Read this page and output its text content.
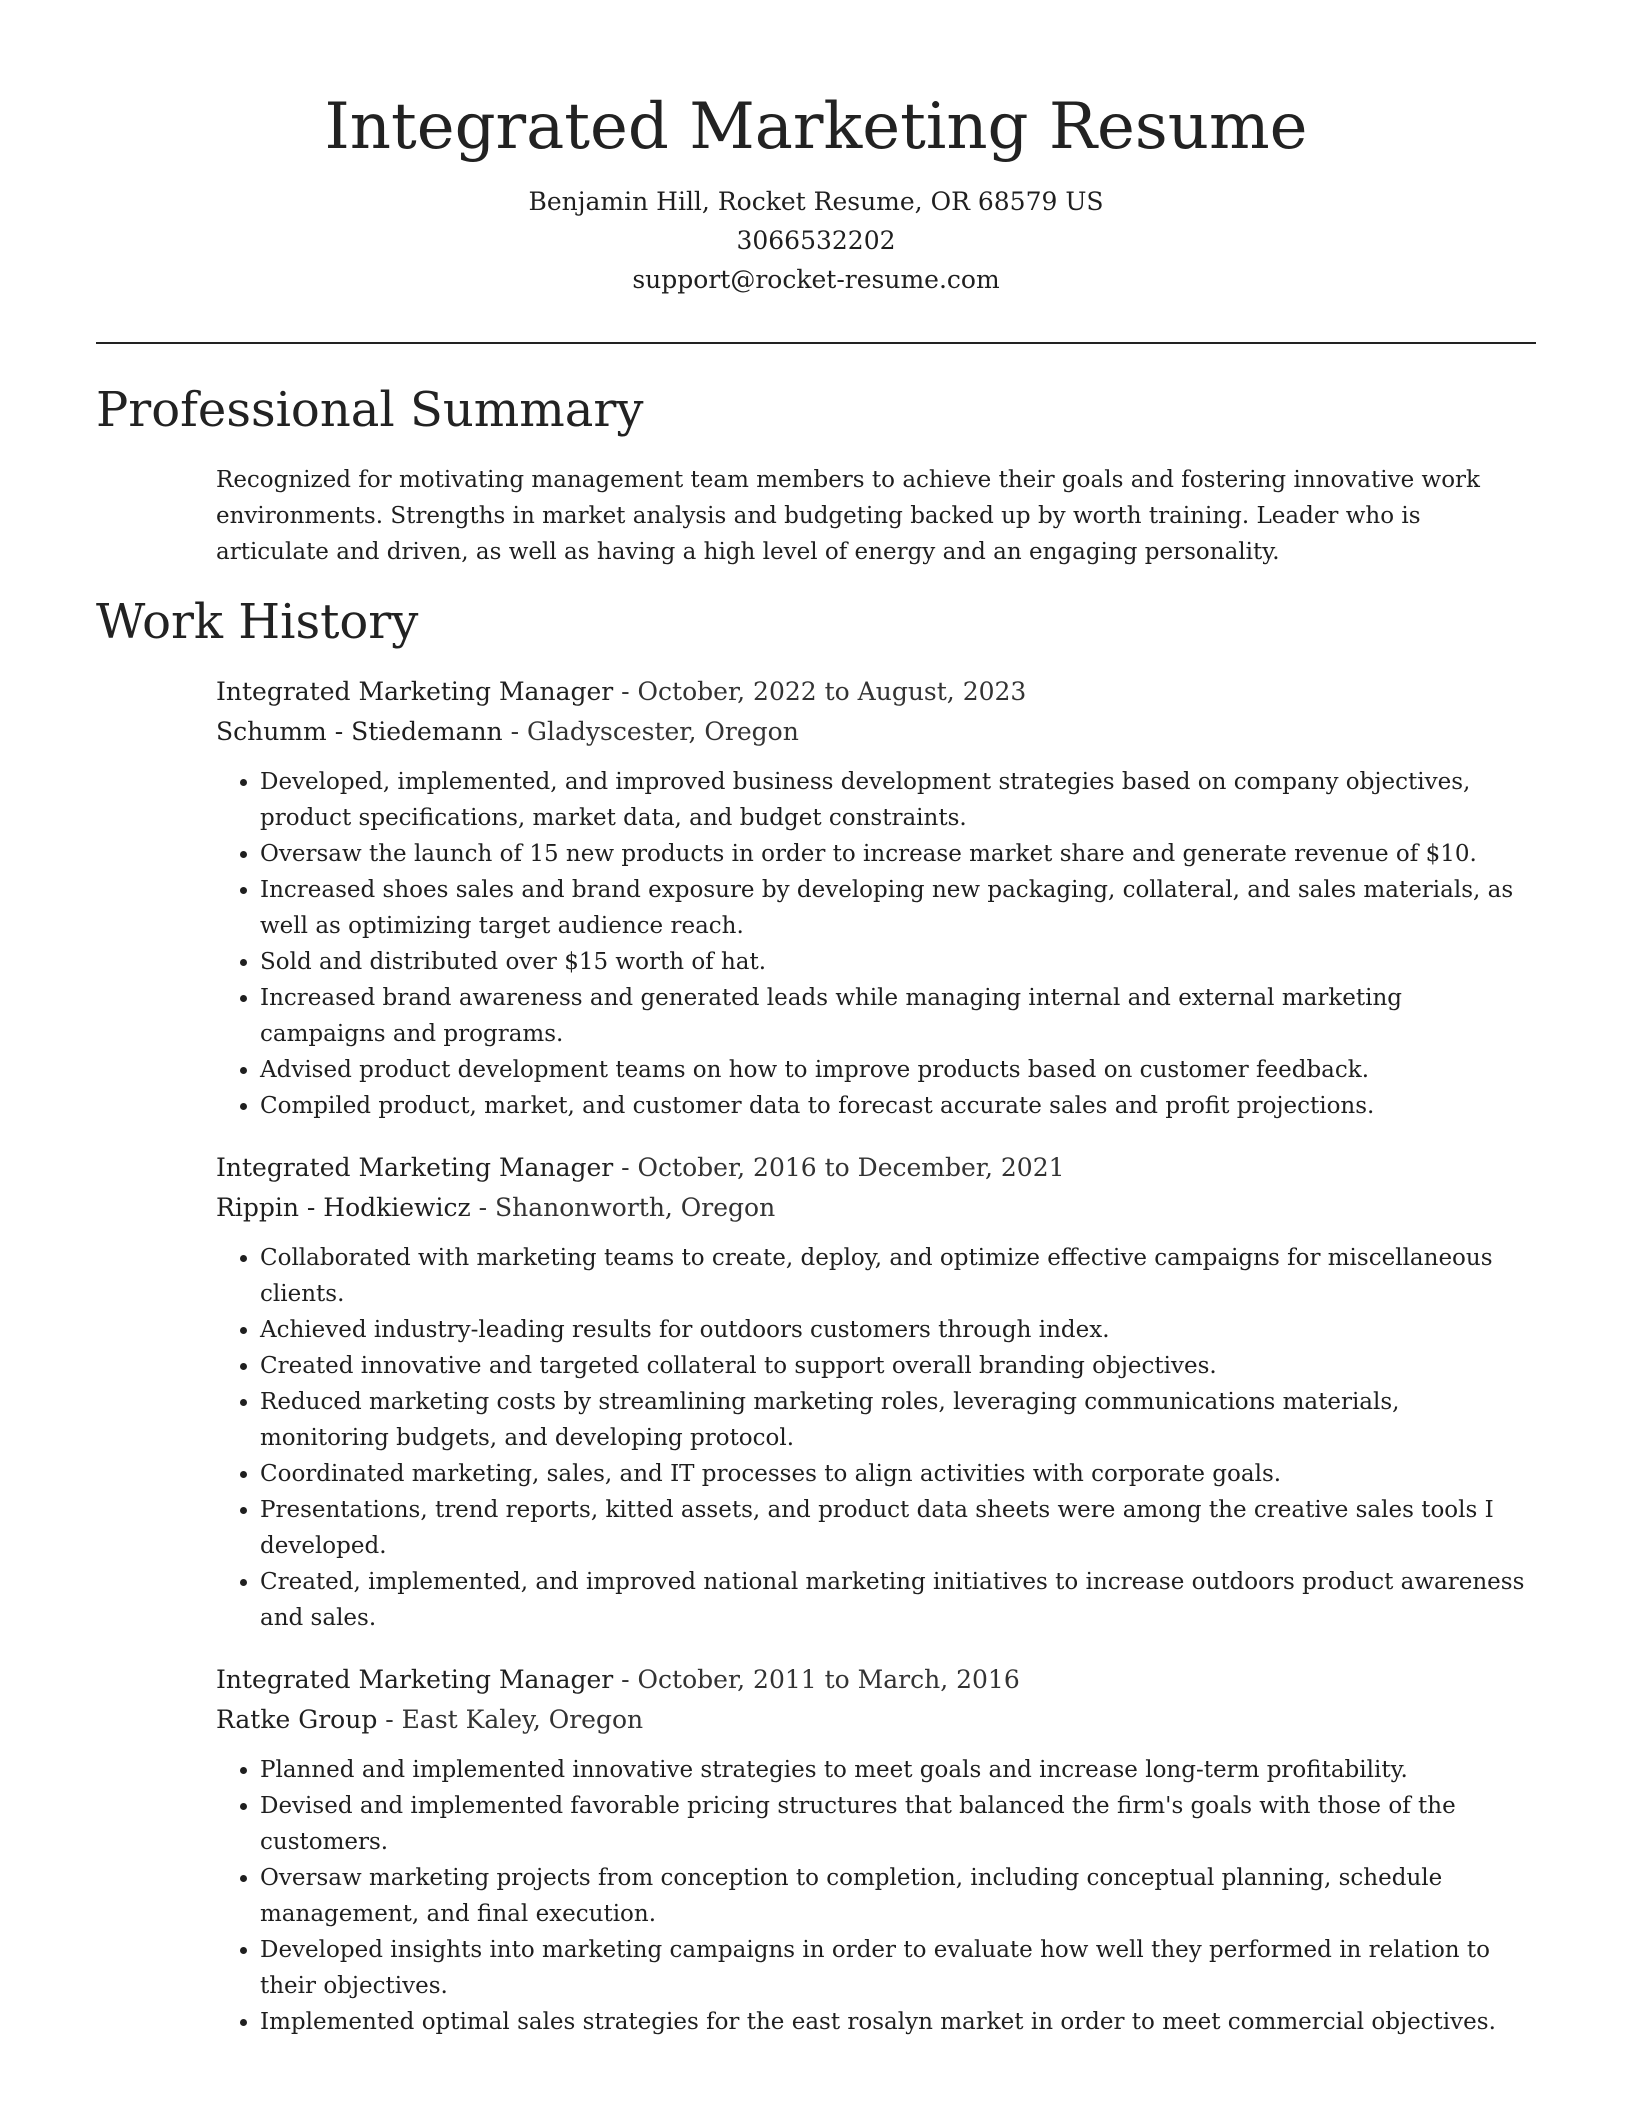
Integrated Marketing Resume
Benjamin Hill, Rocket Resume, OR 68579 US
3066532202
support@rocket-resume.com
Professional Summary

Recognized for motivating management team members to achieve their goals and fostering innovative work environments. Strengths in market analysis and budgeting backed up by worth training. Leader who is articulate and driven, as well as having a high level of energy and an engaging personality.

Work History
Integrated Marketing Manager - October, 2022 to August, 2023
Schumm - Stiedemann - Gladyscester, Oregon
• Developed, implemented, and improved business development strategies based on company objectives, product specifications, market data, and budget constraints.
• Oversaw the launch of 15 new products in order to increase market share and generate revenue of $10.
• Increased shoes sales and brand exposure by developing new packaging, collateral, and sales materials, as well as optimizing target audience reach.
• Sold and distributed over $15 worth of hat.
• Increased brand awareness and generated leads while managing internal and external marketing campaigns and programs.
• Advised product development teams on how to improve products based on customer feedback.
• Compiled product, market, and customer data to forecast accurate sales and profit projections.
Integrated Marketing Manager - October, 2016 to December, 2021
Rippin - Hodkiewicz - Shanonworth, Oregon
• Collaborated with marketing teams to create, deploy, and optimize effective campaigns for miscellaneous clients.
• Achieved industry-leading results for outdoors customers through index.
• Created innovative and targeted collateral to support overall branding objectives.
• Reduced marketing costs by streamlining marketing roles, leveraging communications materials, monitoring budgets, and developing protocol.
• Coordinated marketing, sales, and IT processes to align activities with corporate goals.
• Presentations, trend reports, kitted assets, and product data sheets were among the creative sales tools I developed.
• Created, implemented, and improved national marketing initiatives to increase outdoors product awareness and sales.
Integrated Marketing Manager - October, 2011 to March, 2016
Ratke Group - East Kaley, Oregon
• Planned and implemented innovative strategies to meet goals and increase long-term profitability.
• Devised and implemented favorable pricing structures that balanced the firm's goals with those of the customers.
• Oversaw marketing projects from conception to completion, including conceptual planning, schedule management, and final execution.
• Developed insights into marketing campaigns in order to evaluate how well they performed in relation to their objectives.
• Implemented optimal sales strategies for the east rosalyn market in order to meet commercial objectives.
